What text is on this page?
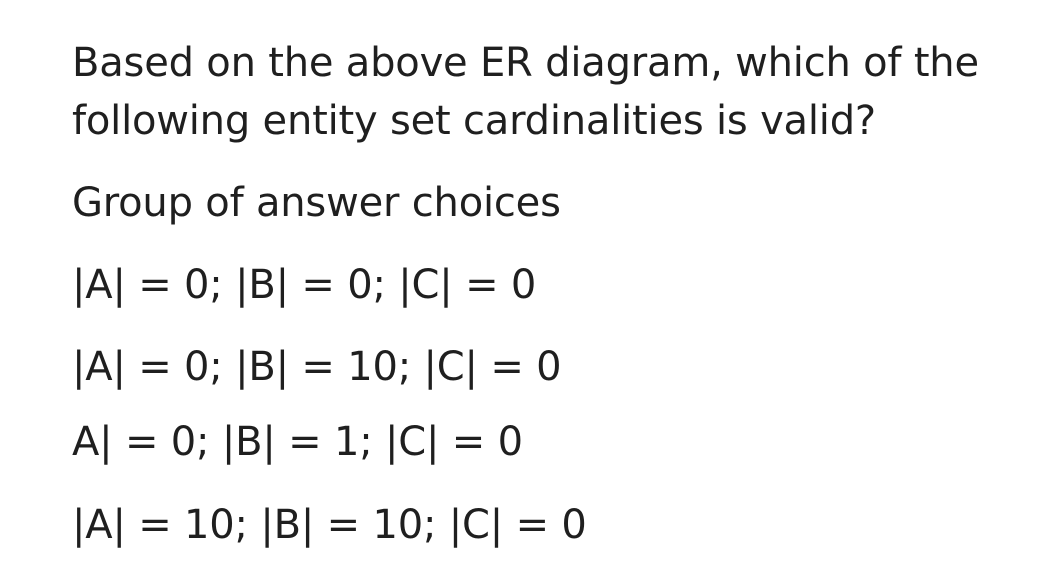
Based on the above ER diagram, which of the following entity set cardinalities is valid?

Group of answer choices

|A| = 0; |B| = 0; |C| = 0
|A| = 0; |B| = 10; |C| = 0
A| = 0; |B| = 1; |C| = 0
|A| = 10; |B| = 10; |C| = 0
